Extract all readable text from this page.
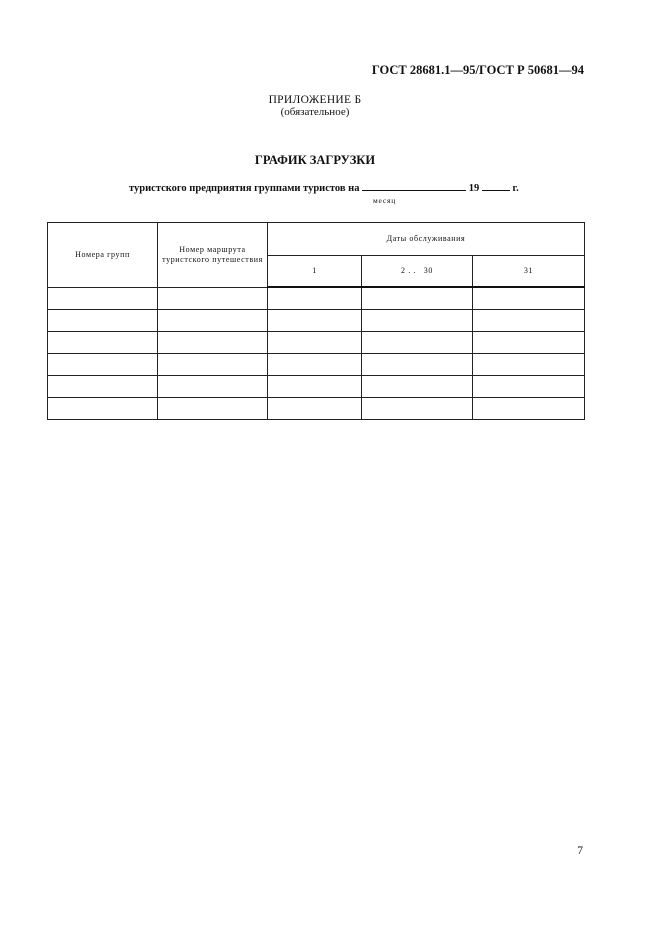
ГОСТ 28681.1—95/ГОСТ Р 50681—94
ПРИЛОЖЕНИЕ Б
(обязательное)
ГРАФИК ЗАГРУЗКИ
туристского предприятия группами туристов на	19	г.
месяц
Номера групп	Номер маршрута туристского путешествия	Даты обслуживания		
		1	2 . .   30	31

7
